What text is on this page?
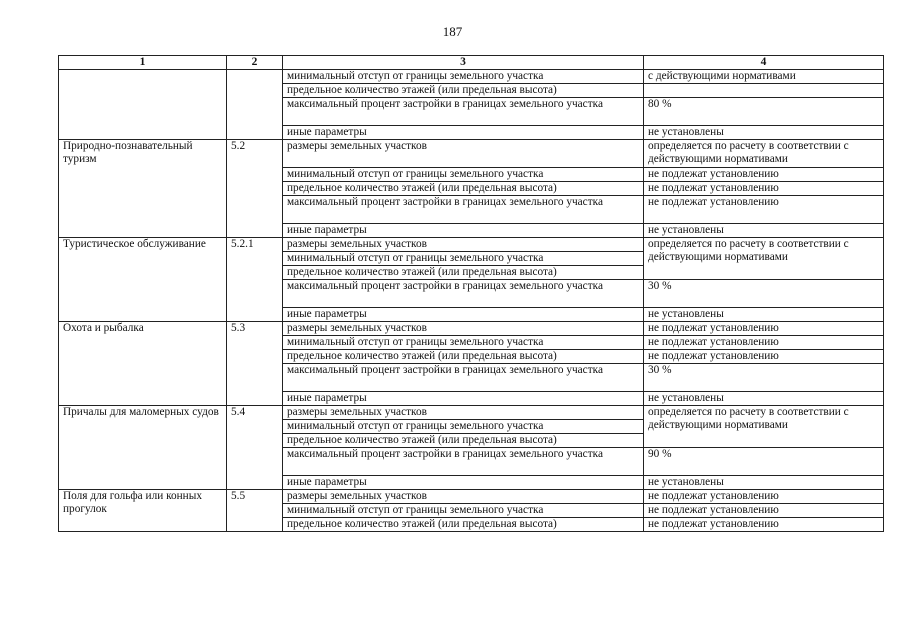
187
1	2	3	4
		минимальный отступ от границы земельного участка	с действующими нормативами
		предельное количество этажей (или предельная высота)	
		максимальный процент застройки в границах земельного участка	80 %
		иные параметры	не установлены
Природно-познавательный туризм	5.2	размеры земельных участков	определяется по расчету в соответствии с действующими нормативами
		минимальный отступ от границы земельного участка	не подлежат установлению
		предельное количество этажей (или предельная высота)	не подлежат установлению
		максимальный процент застройки в границах земельного участка	не подлежат установлению
		иные параметры	не установлены
Туристическое обслуживание	5.2.1	размеры земельных участков	определяется по расчету в соответствии с действующими нормативами
		минимальный отступ от границы земельного участка	
		предельное количество этажей (или предельная высота)	
		максимальный процент застройки в границах земельного участка	30 %
		иные параметры	не установлены
Охота и рыбалка	5.3	размеры земельных участков	не подлежат установлению
		минимальный отступ от границы земельного участка	не подлежат установлению
		предельное количество этажей (или предельная высота)	не подлежат установлению
		максимальный процент застройки в границах земельного участка	30 %
		иные параметры	не установлены
Причалы для маломерных судов	5.4	размеры земельных участков	определяется по расчету в соответствии с действующими нормативами
		минимальный отступ от границы земельного участка	
		предельное количество этажей (или предельная высота)	
		максимальный процент застройки в границах земельного участка	90 %
		иные параметры	не установлены
Поля для гольфа или конных прогулок	5.5	размеры земельных участков	не подлежат установлению
		минимальный отступ от границы земельного участка	не подлежат установлению
		предельное количество этажей (или предельная высота)	не подлежат установлению
